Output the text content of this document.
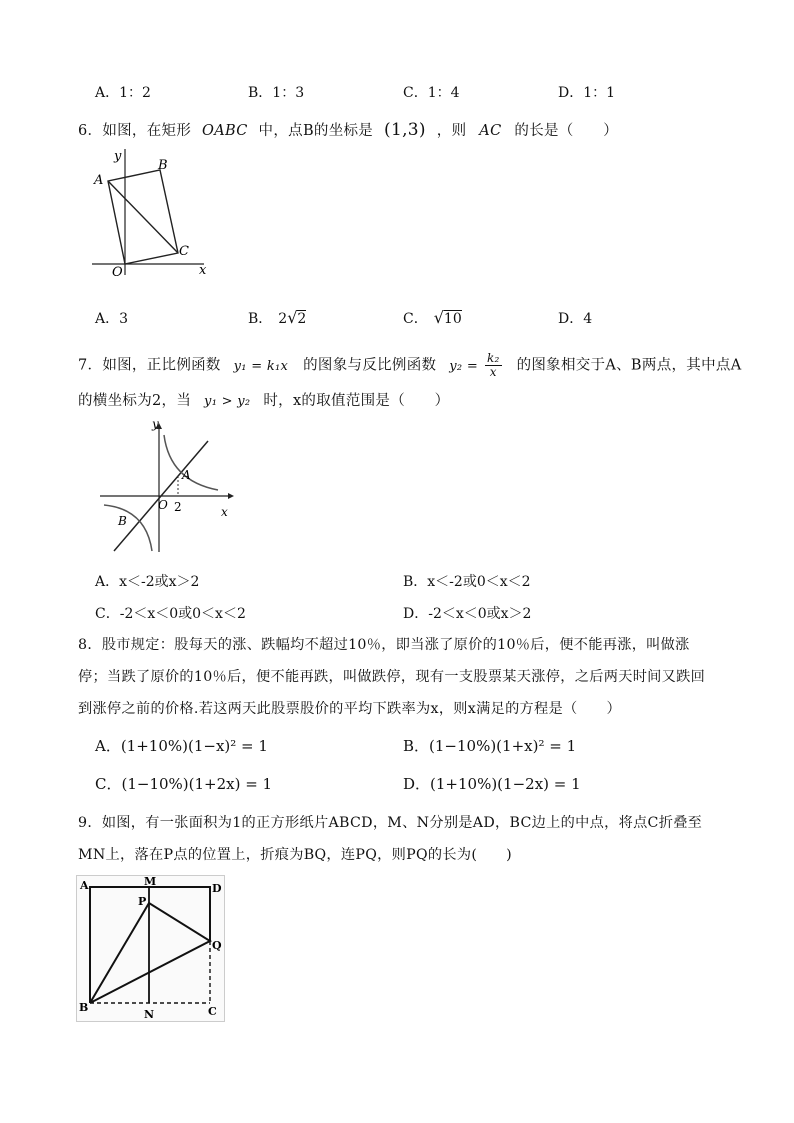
A．1：2	B．1：3	C．1：4	D．1：1
6．如图，在矩形 OABC 中，点B的坐标是 (1,3) ，则 AC 的长是（　　）
y
x
O
A
B
C
A．3	B． 2√2	C． √10	D．4
7．如图，正比例函数 y₁ = k₁x 的图象与反比例函数 $y_2 = \frac{\text{k₂}}{x}$ 的图象相交于A、B两点，其中点A
的横坐标为2，当 y₁ > y₂ 时，x的取值范围是（　　）
y
x
O 2
A
B
A．x＜-2或x＞2	B．x＜-2或0＜x＜2
C．-2＜x＜0或0＜x＜2	D．-2＜x＜0或x＞2
8．股市规定：股每天的涨、跌幅均不超过10％，即当涨了原价的10％后，便不能再涨，叫做涨
停；当跌了原价的10％后，便不能再跌，叫做跌停，现有一支股票某天涨停，之后两天时间又跌回
到涨停之前的价格.若这两天此股票股价的平均下跌率为x，则x满足的方程是（　　）
A．(1+10%)(1−x)² = 1	B．(1−10%)(1+x)² = 1
C．(1−10%)(1+2x) = 1	D．(1+10%)(1−2x) = 1
9．如图，有一张面积为1的正方形纸片ABCD，M、N分别是AD，BC边上的中点，将点C折叠至
MN上，落在P点的位置上，折痕为BQ，连PQ，则PQ的长为(　　)
A	M
D
P
Q
B
N	C
